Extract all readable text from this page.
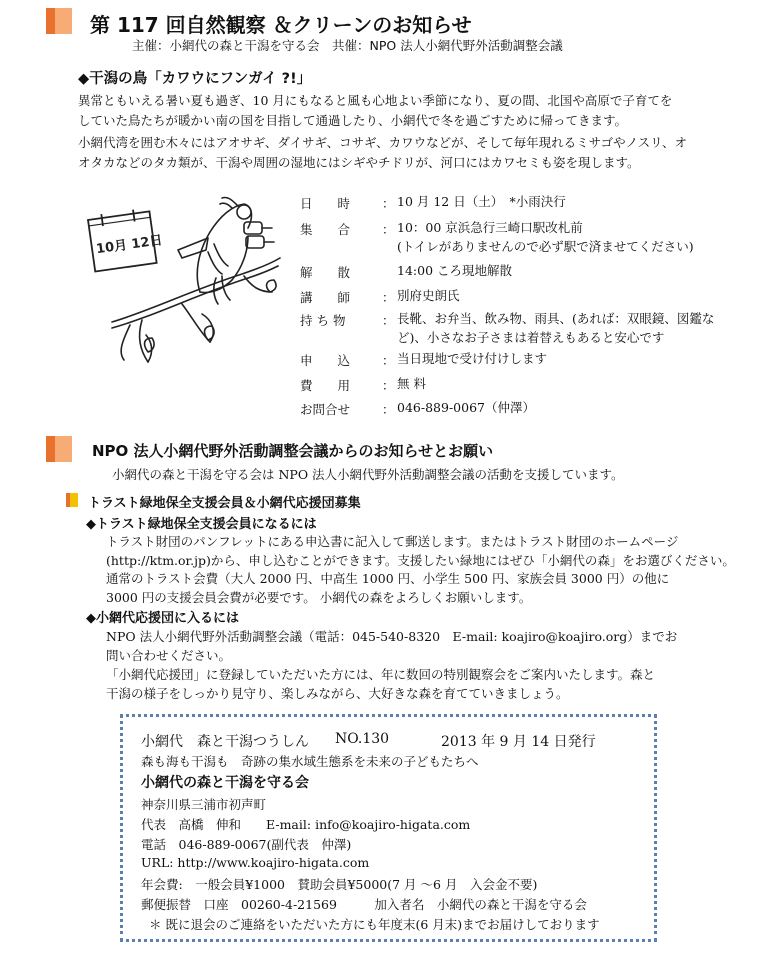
第 117 回自然観察 ＆クリーンのお知らせ
主催：小網代の森と干潟を守る会　共催：NPO 法人小網代野外活動調整会議
◆干潟の鳥「カワウにフンガイ ?!」
異常ともいえる暑い夏も過ぎ、10 月にもなると風も心地よい季節になり、夏の間、北国や高原で子育てを
していた鳥たちが暖かい南の国を目指して通過したり、小網代で冬を過ごすために帰ってきます。
小網代湾を囲む木々にはアオサギ、ダイサギ、コサギ、カワウなどが、そして毎年現れるミサゴやノスリ、オ
オタカなどのタカ類が、干潟や周囲の湿地にはシギやチドリが、河口にはカワセミも姿を現します。
10月 12日
日　　時	： 10 月 12 日（土）　*小雨決行
集　　合	： 10：00 京浜急行三崎口駅改札前
(トイレがありませんので必ず駅で済ませてください)
解　　散	14:00 ころ現地解散
講　　師	： 別府史朗氏
持 ち 物	： 長靴、お弁当、飲み物、雨具、(あれば：双眼鏡、図鑑な
ど)、小さなお子さまは着替えもあると安心です
申　　込	： 当日現地で受け付けします
費　　用	： 無 料
お問合せ	： 046-889-0067（仲澤）
NPO 法人小網代野外活動調整会議からのお知らせとお願い
小網代の森と干潟を守る会は NPO 法人小網代野外活動調整会議の活動を支援しています。
トラスト緑地保全支援会員＆小網代応援団募集
◆トラスト緑地保全支援会員になるには
トラスト財団のパンフレットにある申込書に記入して郵送します。またはトラスト財団のホームページ
(http://ktm.or.jp)から、申し込むことができます。支援したい緑地にはぜひ「小網代の森」をお選びください。
通常のトラスト会費（大人 2000 円、中高生 1000 円、小学生 500 円、家族会員 3000 円）の他に
3000 円の支援会員会費が必要です。 小網代の森をよろしくお願いします。
◆小網代応援団に入るには
NPO 法人小網代野外活動調整会議（電話：045-540-8320　E-mail: koajiro@koajiro.org）までお
問い合わせください。
「小網代応援団」に登録していただいた方には、年に数回の特別観察会をご案内いたします。森と
干潟の様子をしっかり見守り、楽しみながら、大好きな森を育てていきましょう。
小網代　森と干潟つうしん NO.130	2013 年 9 月 14 日発行
森も海も干潟も　奇跡の集水域生態系を未来の子どもたちへ
小網代の森と干潟を守る会
神奈川県三浦市初声町
代表　高橋　伸和　　E-mail: info@koajiro-higata.com
電話　046-889-0067(副代表　仲澤)
URL: http://www.koajiro-higata.com
年会費:　一般会員¥1000　賛助会員¥5000(7 月 ～6 月　入会金不要)
郵便振替　口座　00260-4-21569　　　加入者名　小網代の森と干潟を守る会
＊ 既に退会のご連絡をいただいた方にも年度末(6 月末)までお届けしております
